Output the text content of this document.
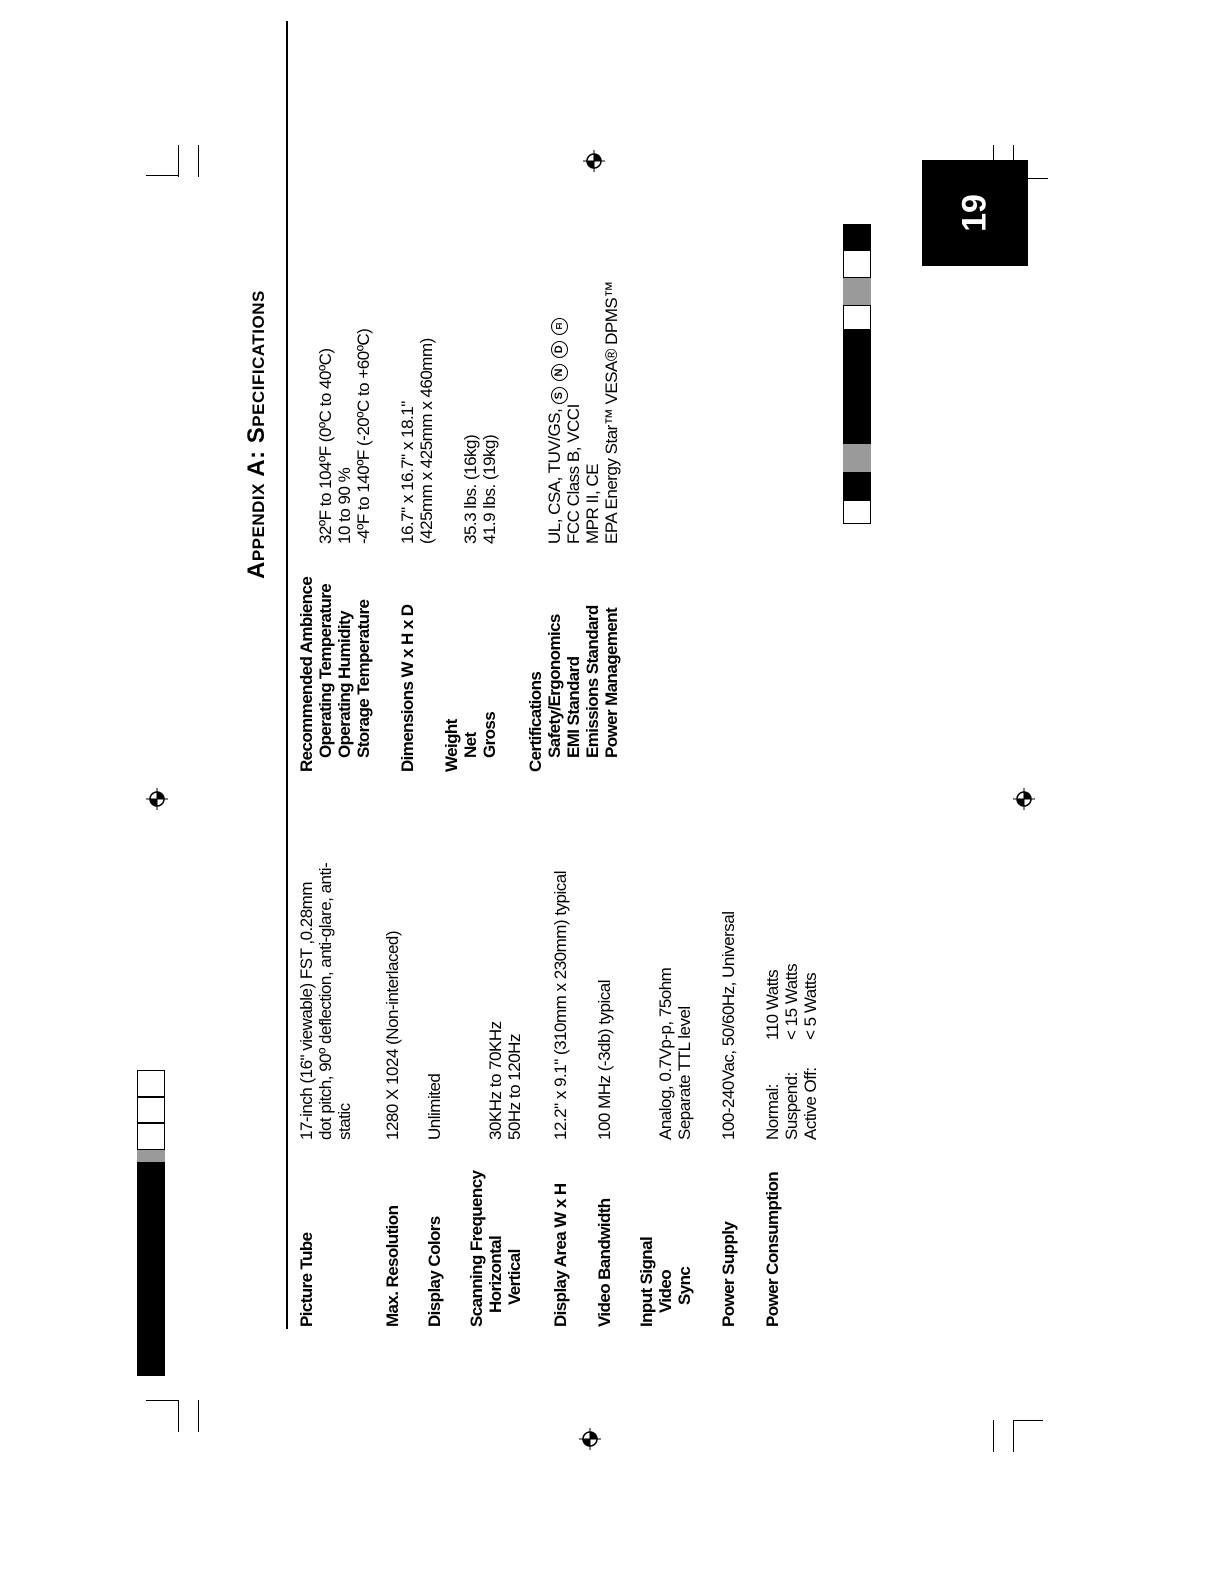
19
APPENDIX A: SPECIFICATIONS
Picture Tube	Max. Resolution Display Colors Scanning Frequency Horizontal Vertical Display Area W x H Video Bandwidth Input Signal Video Sync Power Supply Power Consumption
17-inch (16" viewable) FST ,0.28mm dot pitch, 90º deflection, anti-glare, anti- static 1280 X 1024 (Non-interlaced) Unlimited 30KHz to 70KHz 50Hz to 120Hz 12.2" x 9.1" (310mm x 230mm) typical 100 MHz (-3db) typical Analog, 0.7Vp-p, 75ohm Separate TTL level 100-240Vac, 50/60Hz, Universal Normal:110 Watts
Suspend:< 15 Watts
Active Off:< 5 Watts
Recommended Ambience Operating Temperature Operating Humidity Storage Temperature Dimensions W x H x D Weight Net Gross Certifications Safety/Ergonomics EMI Standard Emissions Standard Power Management
32ºF to 104ºF (0ºC to 40ºC) 10 to 90 % -4ºF to 140ºF (-20ºC to +60ºC) 16.7" x 16.7" x 18.1" (425mm x 425mm x 460mm) 35.3 lbs. (16kg) 41.9 lbs. (19kg)	UL, CSA, TUV/GS, S N D FI
FCC Class B, VCCI MPR II, CE EPA Energy Star™ VESA® DPMS™
